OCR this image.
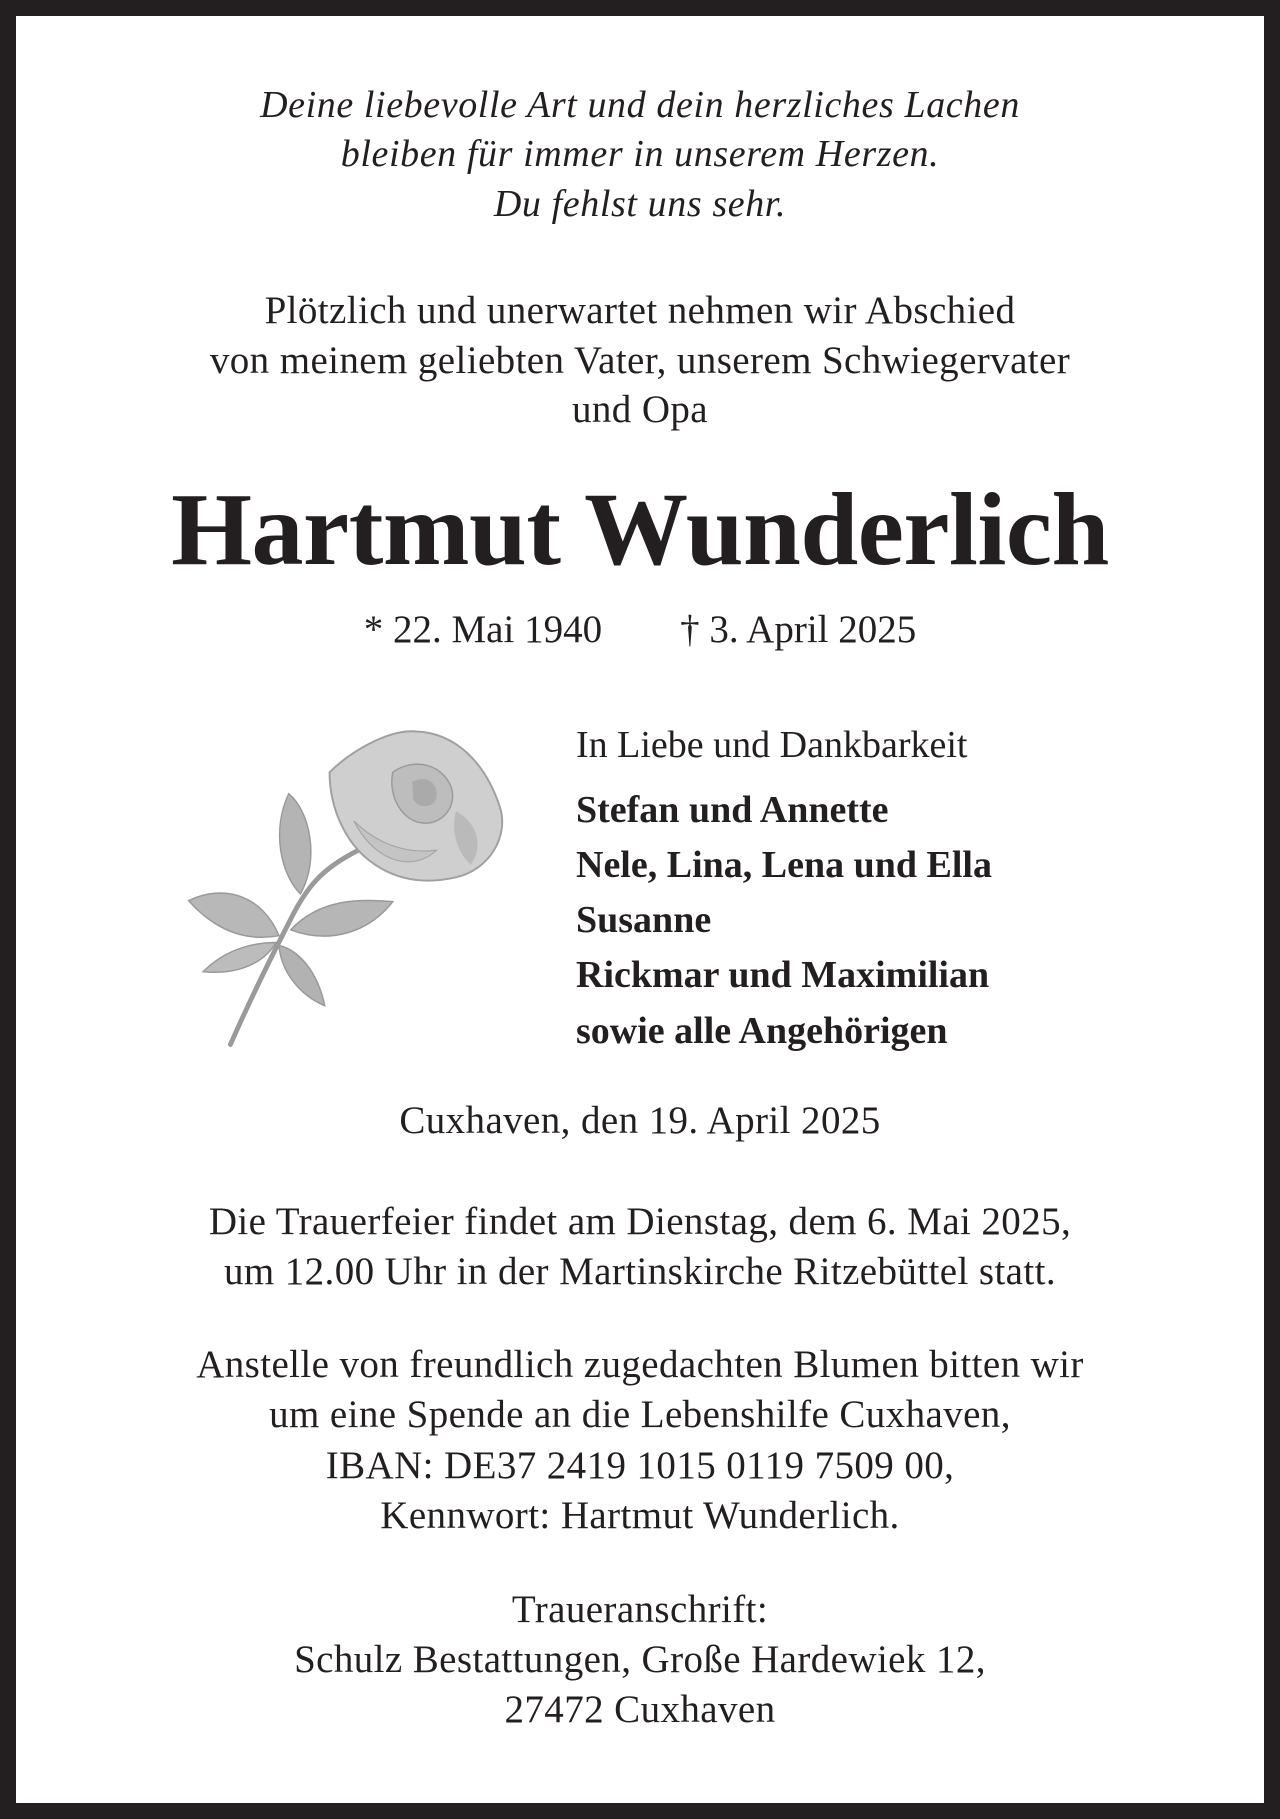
Deine liebevolle Art und dein herzliches Lachen
bleiben für immer in unserem Herzen.
Du fehlst uns sehr.
Plötzlich und unerwartet nehmen wir Abschied
von meinem geliebten Vater, unserem Schwiegervater
und Opa
Hartmut Wunderlich
* 22. Mai 1940 † 3. April 2025
In Liebe und Dankbarkeit
Stefan und Annette
Nele, Lina, Lena und Ella
Susanne
Rickmar und Maximilian
sowie alle Angehörigen
Cuxhaven, den 19. April 2025
Die Trauerfeier findet am Dienstag, dem 6. Mai 2025,
um 12.00 Uhr in der Martinskirche Ritzebüttel statt.
Anstelle von freundlich zugedachten Blumen bitten wir
um eine Spende an die Lebenshilfe Cuxhaven,
IBAN: DE37 2419 1015 0119 7509 00,
Kennwort: Hartmut Wunderlich.
Traueranschrift:
Schulz Bestattungen, Große Hardewiek 12,
27472 Cuxhaven
